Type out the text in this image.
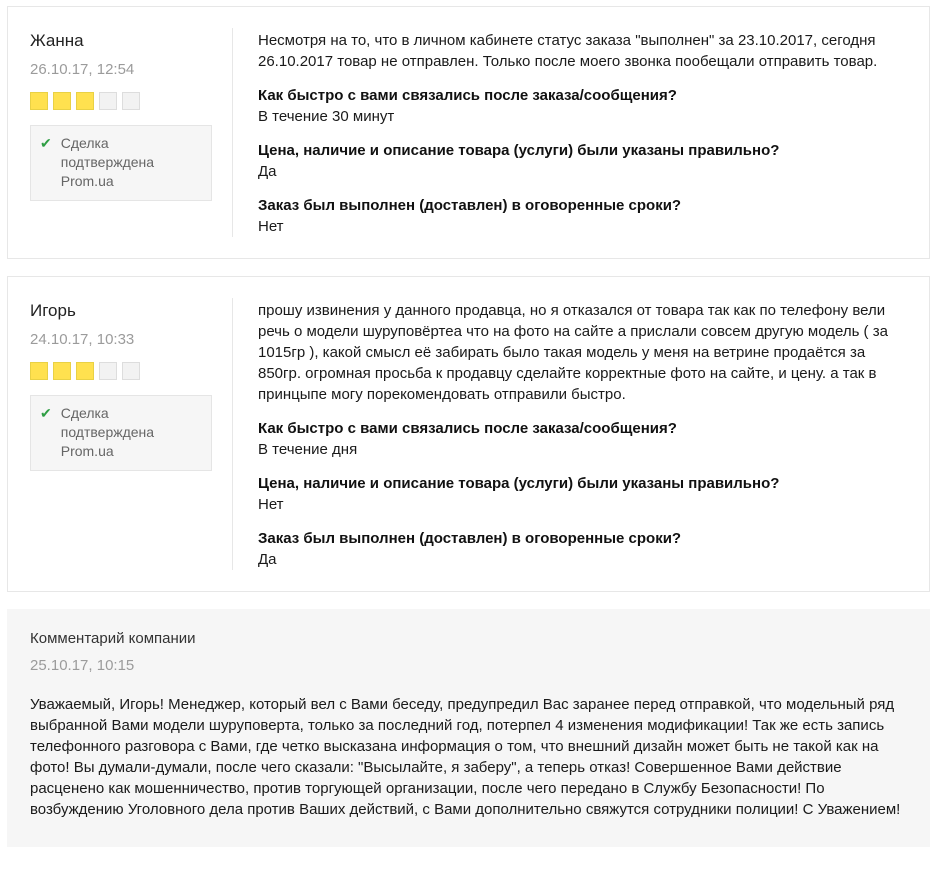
Жанна
26.10.17, 12:54
✔ Сделка подтверждена Prom.ua

Несмотря на то, что в личном кабинете статус заказа "выполнен" за 23.10.2017, сегодня 26.10.2017 товар не отправлен. Только после моего звонка пообещали отправить товар.

Как быстро с вами связались после заказа/сообщения?
В течение 30 минут
Цена, наличие и описание товара (услуги) были указаны правильно?
Да
Заказ был выполнен (доставлен) в оговоренные сроки?
Нет
Игорь
24.10.17, 10:33
✔ Сделка подтверждена Prom.ua

прошу извинения у данного продавца, но я отказался от товара так как по телефону вели речь о модели шуруповёртеа что на фото на сайте а прислали совсем другую модель ( за 1015гр ), какой смысл её забирать было такая модель у меня на ветрине продаётся за 850гр. огромная просьба к продавцу сделайте корректные фото на сайте, и цену. а так в принцыпе могу порекомендовать отправили быстро.

Как быстро с вами связались после заказа/сообщения?
В течение дня
Цена, наличие и описание товара (услуги) были указаны правильно?
Нет
Заказ был выполнен (доставлен) в оговоренные сроки?
Да
Комментарий компании
25.10.17, 10:15

Уважаемый, Игорь! Менеджер, который вел с Вами беседу, предупредил Вас заранее перед отправкой, что модельный ряд выбранной Вами модели шуруповерта, только за последний год, потерпел 4 изменения модификации! Так же есть запись телефонного разговора с Вами, где четко высказана информация о том, что внешний дизайн может быть не такой как на фото! Вы думали-думали, после чего сказали: "Высылайте, я заберу", а теперь отказ! Совершенное Вами действие расценено как мошенничество, против торгующей организации, после чего передано в Службу Безопасности! По возбуждению Уголовного дела против Ваших действий, с Вами дополнительно свяжутся сотрудники полиции! С Уважением!
